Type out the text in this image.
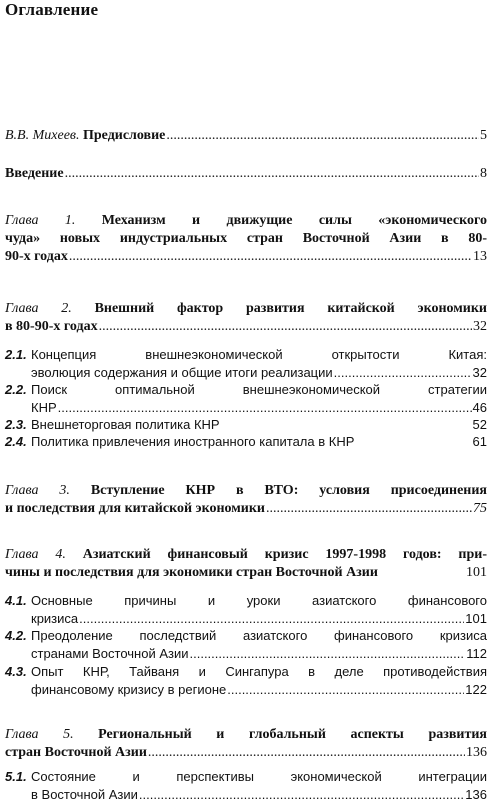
Оглавление
В.В. Михеев. Предисловие .....	5
Введение .....	8
Глава 1. Механизм и движущие силы «экономического
чуда» новых индустриальных стран Восточной Азии в 80-
90-х годах .....	13
Глава 2. Внешний фактор развития китайской экономики
в 80-90-х годах .....	32
2.1. Концепция внешнеэкономической открытости Китая:
эволюция содержания и общие итоги реализации .....	32
2.2. Поиск оптимальной внешнеэкономической стратегии
КНР .....	46
2.3. Внешнеторговая политика КНР	52
2.4. Политика привлечения иностранного капитала в КНР	61
Глава 3. Вступление КНР в ВТО: условия присоединения
и последствия для китайской экономики .....	75
Глава 4. Азиатский финансовый кризис 1997-1998 годов: при-
чины и последствия для экономики стран Восточной Азии	101
4.1. Основные причины и уроки азиатского финансового
кризиса .....	101
4.2. Преодоление последствий азиатского финансового кризиса
странами Восточной Азии .....	112
4.3. Опыт КНР, Тайваня и Сингапура в деле противодействия
финансовому кризису в регионе .....	122
Глава 5. Региональный и глобальный аспекты развития
стран Восточной Азии .....	136
5.1. Состояние и перспективы экономической интеграции
в Восточной Азии .....	136
